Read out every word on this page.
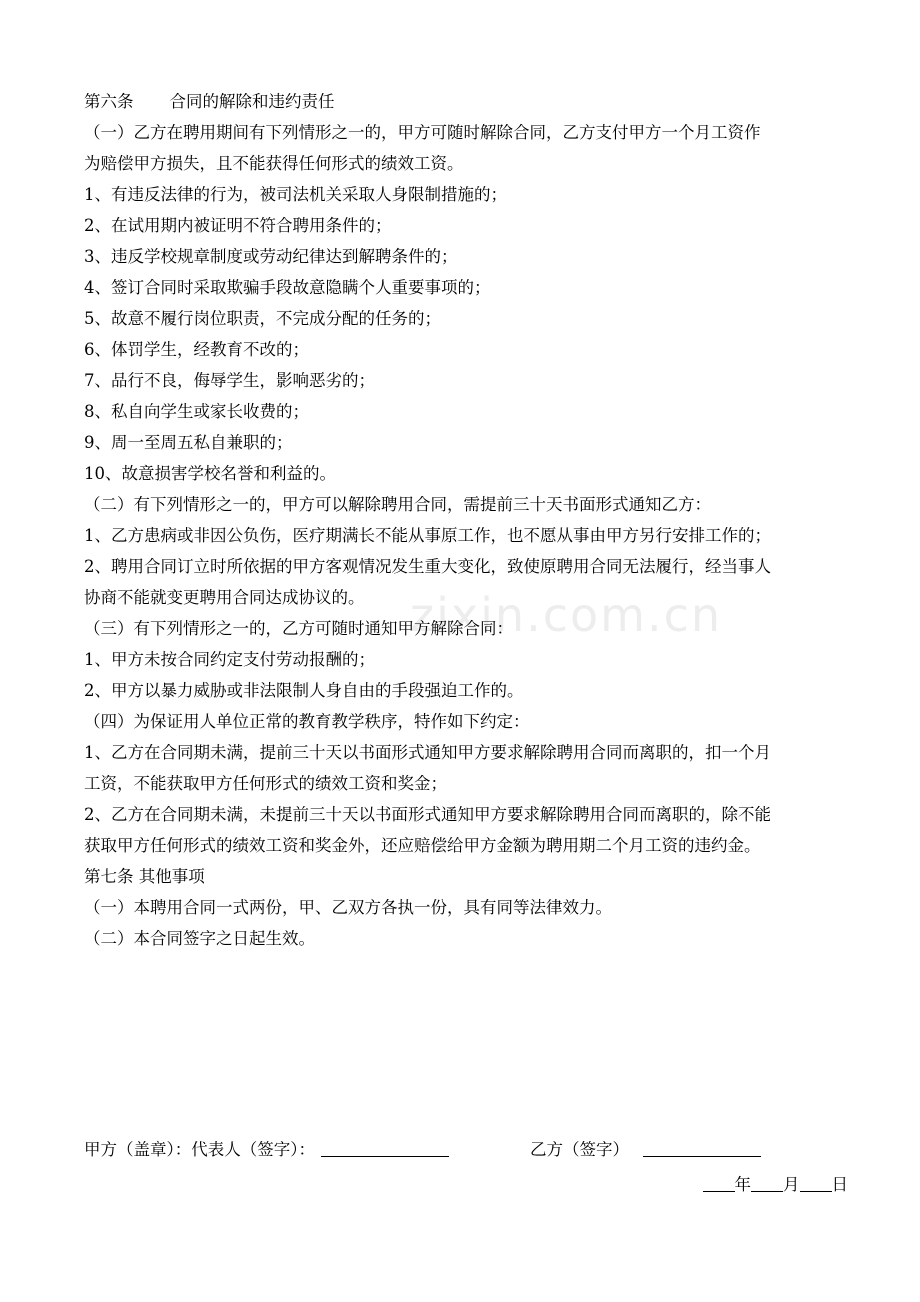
zixin.com.cn
第六条 合同的解除和违约责任
（一）乙方在聘用期间有下列情形之一的，甲方可随时解除合同，乙方支付甲方一个月工资作
为赔偿甲方损失，且不能获得任何形式的绩效工资。
1、有违反法律的行为，被司法机关采取人身限制措施的；
2、在试用期内被证明不符合聘用条件的；
3、违反学校规章制度或劳动纪律达到解聘条件的；
4、签订合同时采取欺骗手段故意隐瞒个人重要事项的；
5、故意不履行岗位职责，不完成分配的任务的；
6、体罚学生，经教育不改的；
7、品行不良，侮辱学生，影响恶劣的；
8、私自向学生或家长收费的；
9、周一至周五私自兼职的；
10、故意损害学校名誉和利益的。
（二）有下列情形之一的，甲方可以解除聘用合同，需提前三十天书面形式通知乙方：
1、乙方患病或非因公负伤，医疗期满长不能从事原工作，也不愿从事由甲方另行安排工作的；
2、聘用合同订立时所依据的甲方客观情况发生重大变化，致使原聘用合同无法履行，经当事人
协商不能就变更聘用合同达成协议的。
（三）有下列情形之一的，乙方可随时通知甲方解除合同：
1、甲方未按合同约定支付劳动报酬的；
2、甲方以暴力威胁或非法限制人身自由的手段强迫工作的。
（四）为保证用人单位正常的教育教学秩序，特作如下约定：
1、乙方在合同期未满，提前三十天以书面形式通知甲方要求解除聘用合同而离职的，扣一个月
工资，不能获取甲方任何形式的绩效工资和奖金；
2、乙方在合同期未满，未提前三十天以书面形式通知甲方要求解除聘用合同而离职的，除不能
获取甲方任何形式的绩效工资和奖金外，还应赔偿给甲方金额为聘用期二个月工资的违约金。
第七条 其他事项
（一）本聘用合同一式两份，甲、乙双方各执一份，具有同等法律效力。
（二）本合同签字之日起生效。
甲方（盖章）：代表人（签字）：	乙方（签字）
年 月 日
